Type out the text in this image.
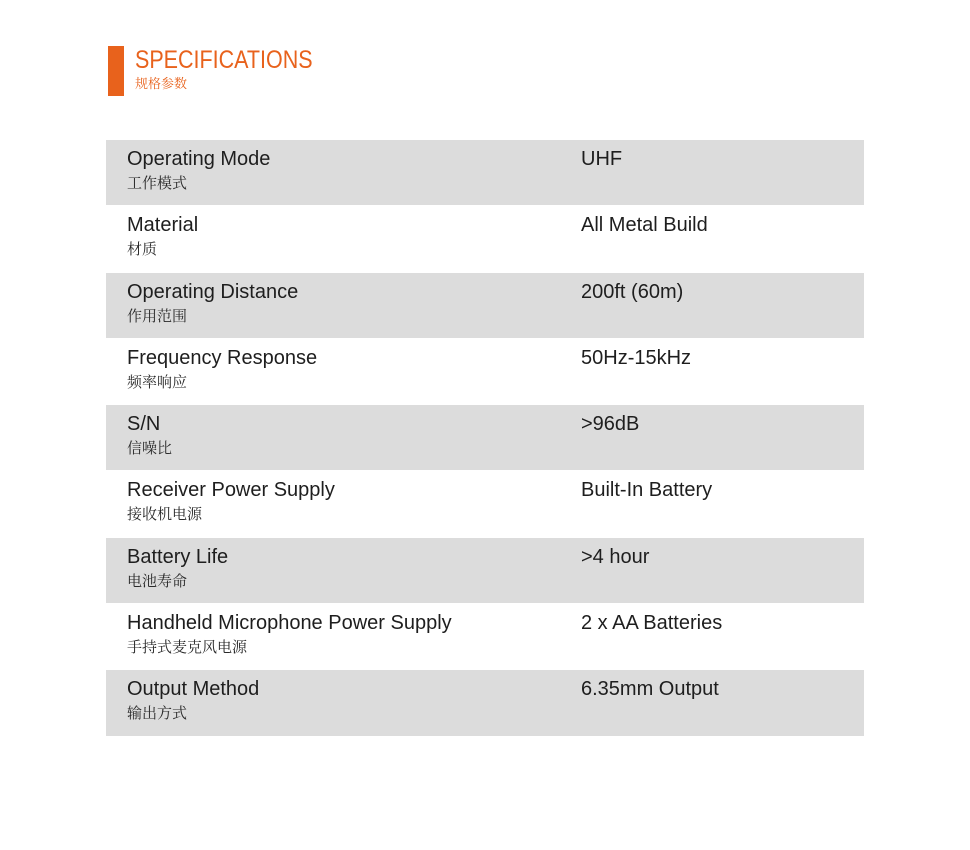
SPECIFICATIONS
规格参数
Operating Mode
工作模式
UHF
Material
材质
All Metal Build
Operating Distance
作用范围
200ft (60m)
Frequency Response
频率响应
50Hz-15kHz
S/N
信噪比
>96dB
Receiver Power Supply
接收机电源
Built-In Battery
Battery Life
电池寿命
>4 hour
Handheld Microphone Power Supply
手持式麦克风电源
2 x AA Batteries
Output Method
输出方式
6.35mm Output
